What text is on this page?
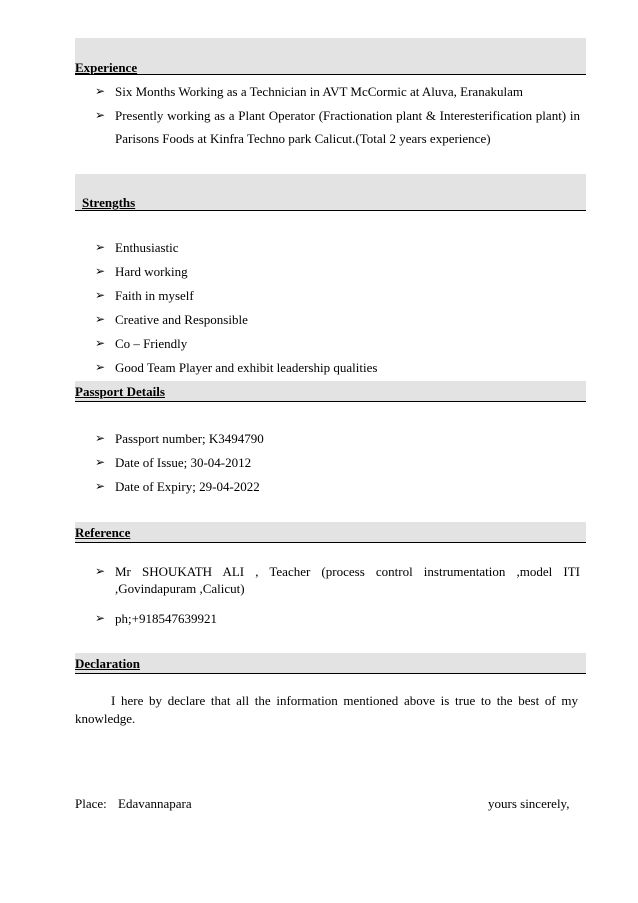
Experience
➢ Six Months Working as a Technician in AVT McCormic at Aluva, Eranakulam
➢ Presently working as a Plant Operator (Fractionation plant & Interesterification plant) in
Parisons Foods at Kinfra Techno park Calicut.(Total 2 years experience)
Strengths
➢ Enthusiastic
➢ Hard working
➢ Faith in myself
➢ Creative and Responsible
➢ Co – Friendly
➢ Good Team Player and exhibit leadership qualities
Passport Details
➢ Passport number; K3494790
➢ Date of Issue; 30-04-2012
➢ Date of Expiry; 29-04-2022
Reference
➢ Mr SHOUKATH ALI , Teacher (process control instrumentation ,model ITI
,Govindapuram ,Calicut)
➢ ph;+918547639921
Declaration
I here by declare that all the information mentioned above is true to the best of my knowledge.
Place: Edavannapara	yours sincerely,
